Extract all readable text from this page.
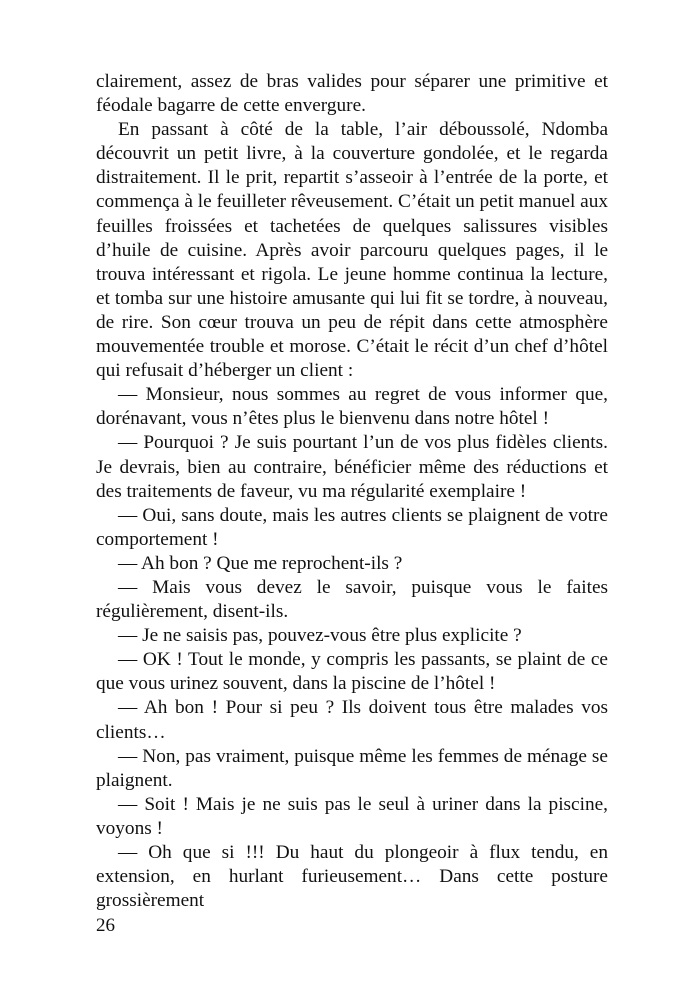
clairement, assez de bras valides pour séparer une primitive et féodale bagarre de cette envergure.

En passant à côté de la table, l’air déboussolé, Ndomba découvrit un petit livre, à la couverture gondolée, et le regarda distraitement. Il le prit, repartit s’asseoir à l’entrée de la porte, et commença à le feuilleter rêveusement. C’était un petit manuel aux feuilles froissées et tachetées de quelques salissures visibles d’huile de cuisine. Après avoir parcouru quelques pages, il le trouva intéressant et rigola. Le jeune homme continua la lecture, et tomba sur une histoire amusante qui lui fit se tordre, à nouveau, de rire. Son cœur trouva un peu de répit dans cette atmosphère mouvementée trouble et morose. C’était le récit d’un chef d’hôtel qui refusait d’héberger un client :

— Monsieur, nous sommes au regret de vous informer que, dorénavant, vous n’êtes plus le bienvenu dans notre hôtel !

— Pourquoi ? Je suis pourtant l’un de vos plus fidèles clients. Je devrais, bien au contraire, bénéficier même des réductions et des traitements de faveur, vu ma régularité exemplaire !

— Oui, sans doute, mais les autres clients se plaignent de votre comportement !

— Ah bon ? Que me reprochent-ils ?

— Mais vous devez le savoir, puisque vous le faites régulièrement, disent-ils.

— Je ne saisis pas, pouvez-vous être plus explicite ?

— OK ! Tout le monde, y compris les passants, se plaint de ce que vous urinez souvent, dans la piscine de l’hôtel !

— Ah bon ! Pour si peu ? Ils doivent tous être malades vos clients…

— Non, pas vraiment, puisque même les femmes de ménage se plaignent.

— Soit ! Mais je ne suis pas le seul à uriner dans la piscine, voyons !

— Oh que si !!! Du haut du plongeoir à flux tendu, en extension, en hurlant furieusement… Dans cette posture grossièrement

26
